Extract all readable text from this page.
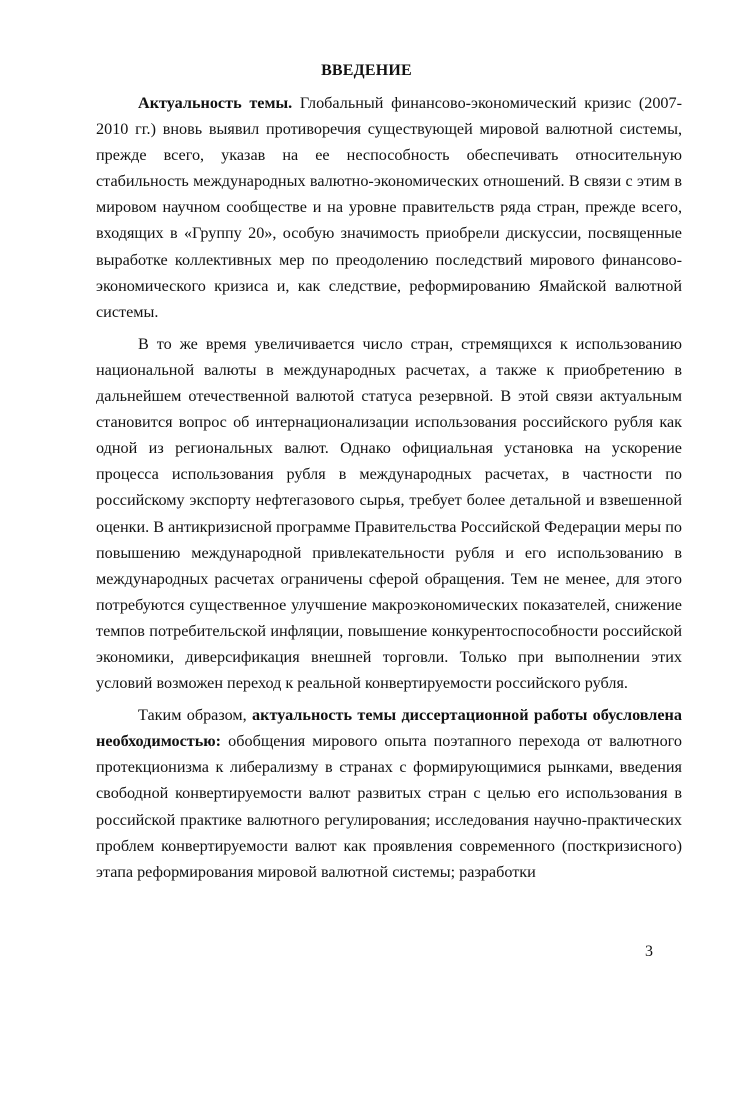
ВВЕДЕНИЕ

Актуальность темы. Глобальный финансово-экономический кризис (2007-2010 гг.) вновь выявил противоречия существующей мировой валютной системы, прежде всего, указав на ее неспособность обеспечивать относительную стабильность международных валютно-экономических отношений. В связи с этим в мировом научном сообществе и на уровне правительств ряда стран, прежде всего, входящих в «Группу 20», особую значимость приобрели дискуссии, посвященные выработке коллективных мер по преодолению последствий мирового финансово-экономического кризиса и, как следствие, реформированию Ямайской валютной системы.

В то же время увеличивается число стран, стремящихся к использованию национальной валюты в международных расчетах, а также к приобретению в дальнейшем отечественной валютой статуса резервной. В этой связи актуальным становится вопрос об интернационализации использования российского рубля как одной из региональных валют. Однако официальная установка на ускорение процесса использования рубля в международных расчетах, в частности по российскому экспорту нефтегазового сырья, требует более детальной и взвешенной оценки. В антикризисной программе Правительства Российской Федерации меры по повышению международной привлекательности рубля и его использованию в международных расчетах ограничены сферой обращения. Тем не менее, для этого потребуются существенное улучшение макроэкономических показателей, снижение темпов потребительской инфляции, повышение конкурентоспособности российской экономики, диверсификация внешней торговли. Только при выполнении этих условий возможен переход к реальной конвертируемости российского рубля.

Таким образом, актуальность темы диссертационной работы обусловлена необходимостью: обобщения мирового опыта поэтапного перехода от валютного протекционизма к либерализму в странах с формирующимися рынками, введения свободной конвертируемости валют развитых стран с целью его использования в российской практике валютного регулирования; исследования научно-практических проблем конвертируемости валют как проявления современного (посткризисного) этапа реформирования мировой валютной системы; разработки

3
